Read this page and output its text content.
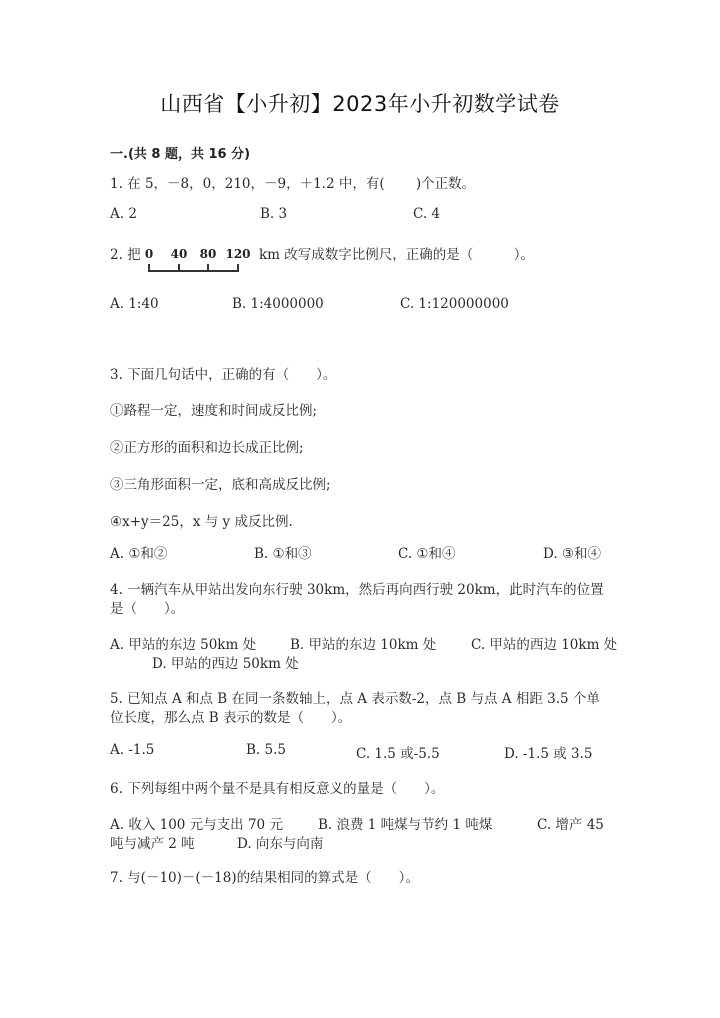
山西省【小升初】2023年小升初数学试卷
一.(共 8 题，共 16 分)
1. 在 5，－8，0，210，－9，＋1.2 中，有(　　 )个正数。
A. 2	B. 3	C. 4
2. 把 0 40 80 120 km 改写成数字比例尺，正确的是（　　　）。
A. 1:40	B. 1:4000000	C. 1:120000000
3. 下面几句话中，正确的有（　　）。
①路程一定，速度和时间成反比例;
②正方形的面积和边长成正比例;
③三角形面积一定，底和高成反比例;
④x+y＝25，x 与 y 成反比例.
A. ①和②	B. ①和③	C. ①和④	D. ③和④
4. 一辆汽车从甲站出发向东行驶 30km，然后再向西行驶 20km，此时汽车的位置
是（　　）。
A. 甲站的东边 50km 处	B. 甲站的东边 10km 处	C. 甲站的西边 10km 处
D. 甲站的西边 50km 处
5. 已知点 A 和点 B 在同一条数轴上，点 A 表示数-2，点 B 与点 A 相距 3.5 个单
位长度，那么点 B 表示的数是（　　）。
A. -1.5	B. 5.5	C. 1.5 或-5.5	D. -1.5 或 3.5
6. 下列每组中两个量不是具有相反意义的量是（　　）。
A. 收入 100 元与支出 70 元	B. 浪费 1 吨煤与节约 1 吨煤	C. 增产 45
吨与减产 2 吨	D. 向东与向南
7. 与(－10)－(－18)的结果相同的算式是（　　）。
